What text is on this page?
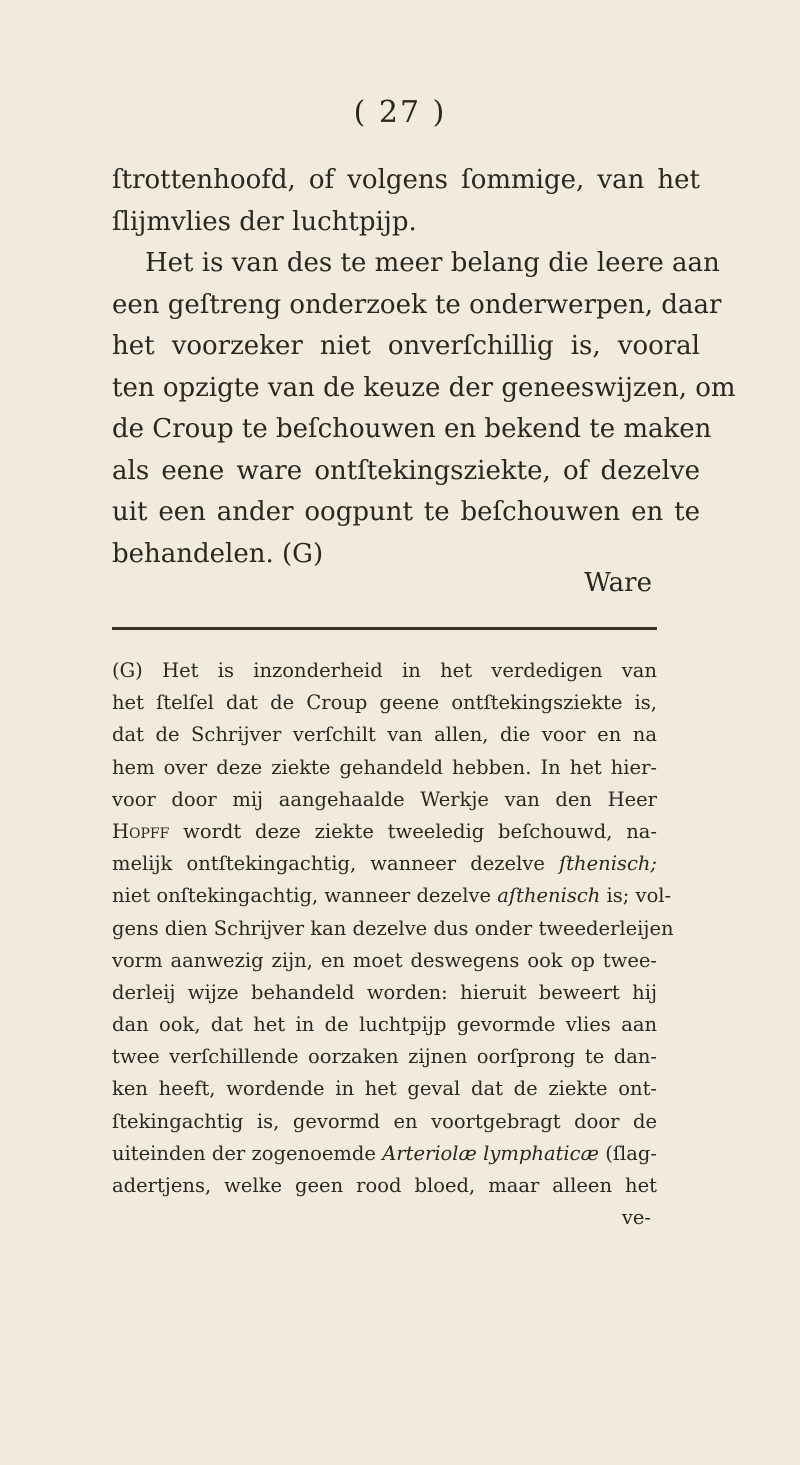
( 27 )
ſtrottenhoofd, of volgens ſommige, van het
ſlijmvlies der luchtpijp.
Het is van des te meer belang die leere aan
een geſtreng onderzoek te onderwerpen, daar
het voorzeker niet onverſchillig is, vooral
ten opzigte van de keuze der geneeswijzen, om
de Croup te beſchouwen en bekend te maken
als eene ware ontſtekingsziekte, of dezelve
uit een ander oogpunt te beſchouwen en te
behandelen. (G)
Ware
(G) Het is inzonderheid in het verdedigen van
het ſtelſel dat de Croup geene ontſtekingsziekte is,
dat de Schrijver verſchilt van allen, die voor en na
hem over deze ziekte gehandeld hebben. In het hier-
voor door mij aangehaalde Werkje van den Heer
Hopff wordt deze ziekte tweeledig beſchouwd, na-
melijk ontſtekingachtig, wanneer dezelve ſthenisch;
niet onſtekingachtig, wanneer dezelve aſthenisch is; vol-
gens dien Schrijver kan dezelve dus onder tweederleijen
vorm aanwezig zijn, en moet deswegens ook op twee-
derleij wijze behandeld worden: hieruit beweert hij
dan ook, dat het in de luchtpijp gevormde vlies aan
twee verſchillende oorzaken zijnen oorſprong te dan-
ken heeft, wordende in het geval dat de ziekte ont-
ſtekingachtig is, gevormd en voortgebragt door de
uiteinden der zogenoemde Arteriolæ lymphaticæ (ſlag-
adertjens, welke geen rood bloed, maar alleen het
ve-
